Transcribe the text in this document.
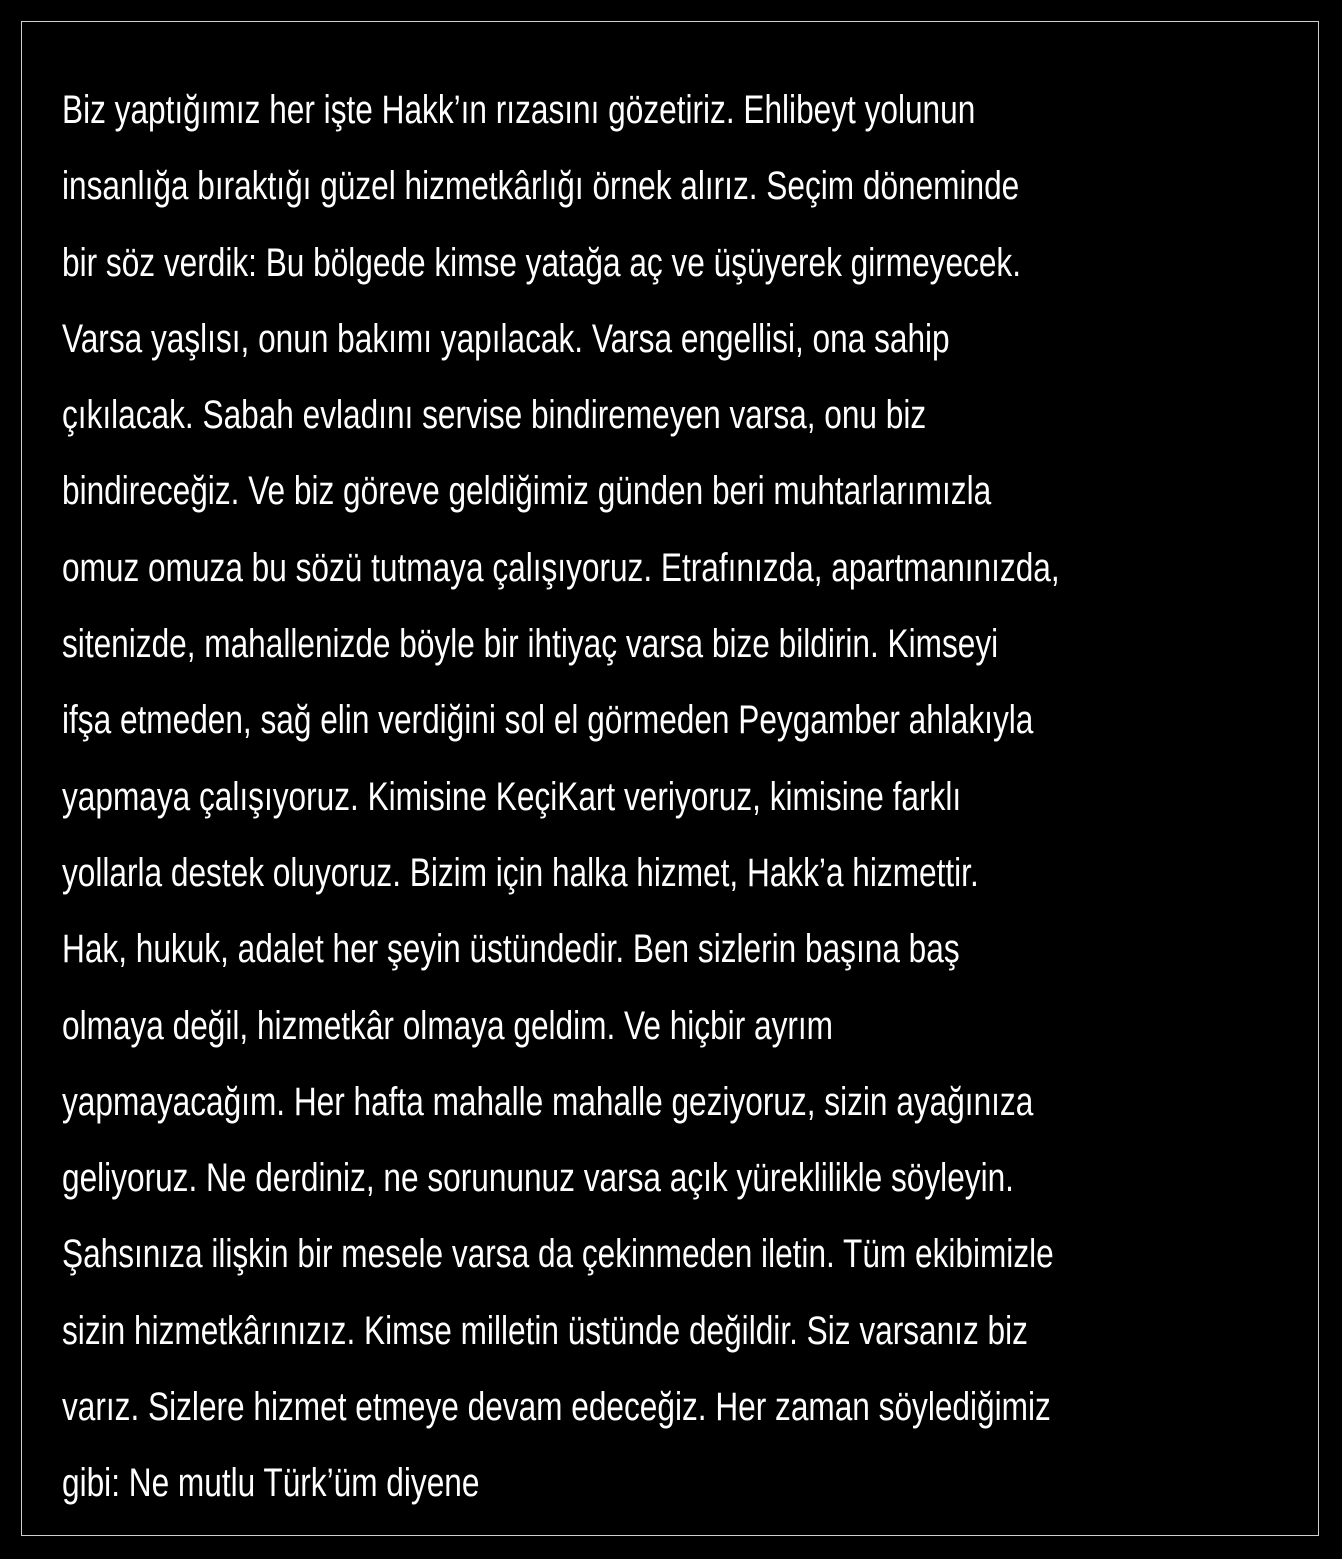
Biz yaptığımız her işte Hakk’ın rızasını gözetiriz. Ehlibeyt yolunun
insanlığa bıraktığı güzel hizmetkârlığı örnek alırız. Seçim döneminde
bir söz verdik: Bu bölgede kimse yatağa aç ve üşüyerek girmeyecek.
Varsa yaşlısı, onun bakımı yapılacak. Varsa engellisi, ona sahip
çıkılacak. Sabah evladını servise bindiremeyen varsa, onu biz
bindireceğiz. Ve biz göreve geldiğimiz günden beri muhtarlarımızla
omuz omuza bu sözü tutmaya çalışıyoruz. Etrafınızda, apartmanınızda,
sitenizde, mahallenizde böyle bir ihtiyaç varsa bize bildirin. Kimseyi
ifşa etmeden, sağ elin verdiğini sol el görmeden Peygamber ahlakıyla
yapmaya çalışıyoruz. Kimisine KeçiKart veriyoruz, kimisine farklı
yollarla destek oluyoruz. Bizim için halka hizmet, Hakk’a hizmettir.
Hak, hukuk, adalet her şeyin üstündedir. Ben sizlerin başına baş
olmaya değil, hizmetkâr olmaya geldim. Ve hiçbir ayrım
yapmayacağım. Her hafta mahalle mahalle geziyoruz, sizin ayağınıza
geliyoruz. Ne derdiniz, ne sorununuz varsa açık yüreklilikle söyleyin.
Şahsınıza ilişkin bir mesele varsa da çekinmeden iletin. Tüm ekibimizle
sizin hizmetkârınızız. Kimse milletin üstünde değildir. Siz varsanız biz
varız. Sizlere hizmet etmeye devam edeceğiz. Her zaman söylediğimiz
gibi: Ne mutlu Türk’üm diyene
